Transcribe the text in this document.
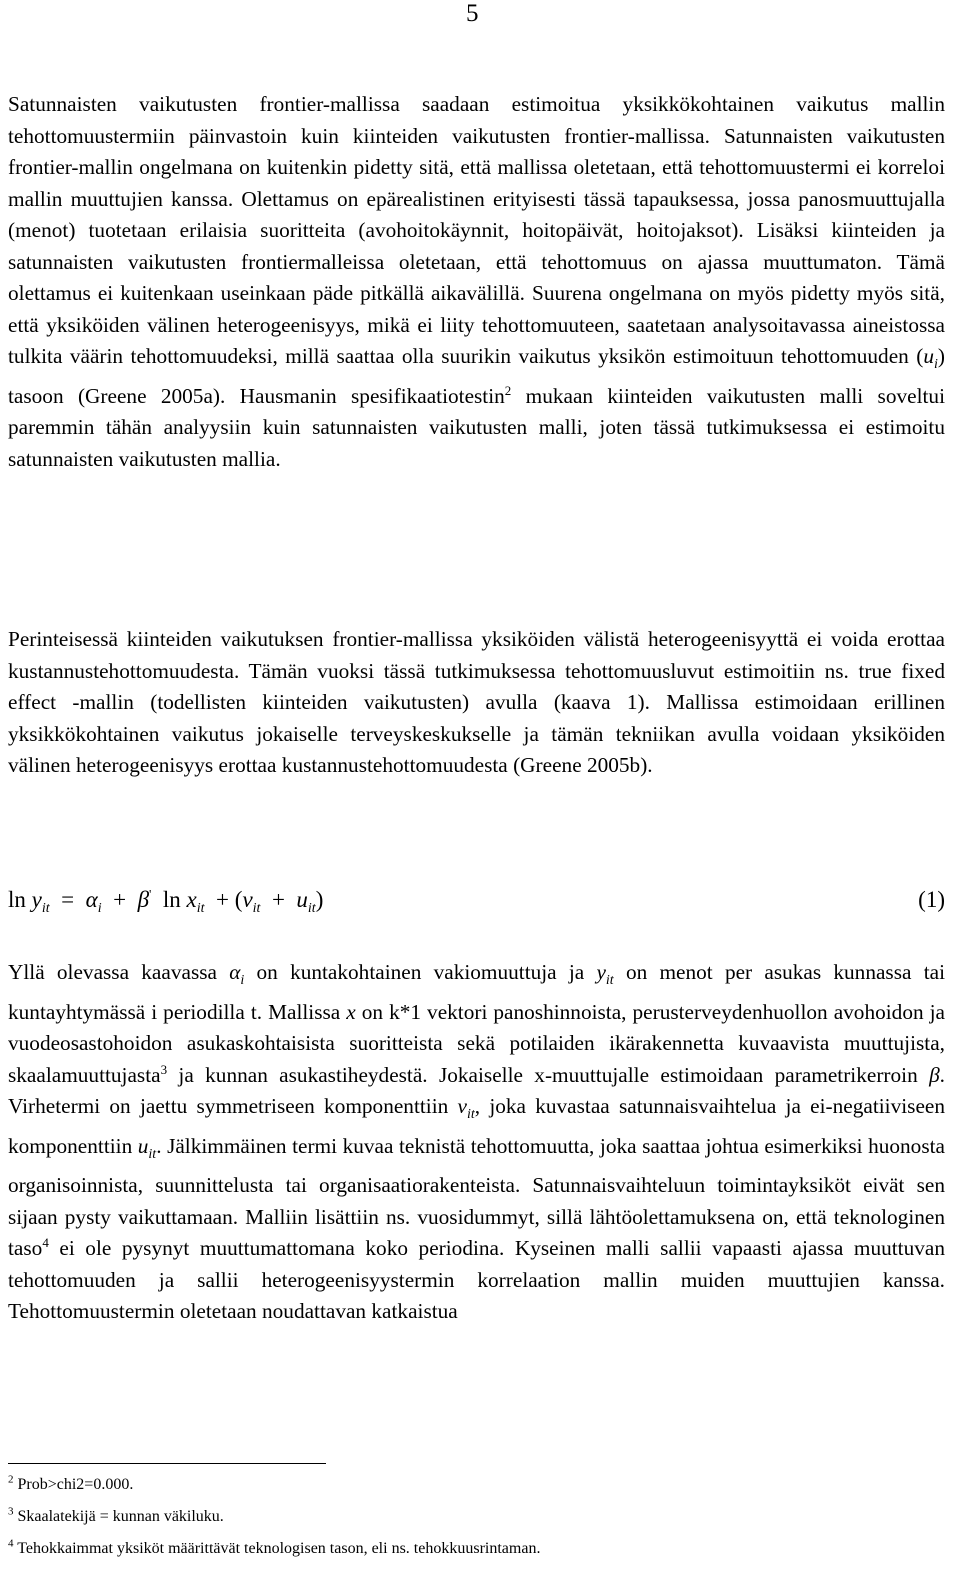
5

Satunnaisten vaikutusten frontier-mallissa saadaan estimoitua yksikkökohtainen vaikutus mallin tehottomuustermiin päinvastoin kuin kiinteiden vaikutusten frontier-mallissa. Satunnaisten vaikutusten frontier-mallin ongelmana on kuitenkin pidetty sitä, että mallissa oletetaan, että tehottomuustermi ei korreloi mallin muuttujien kanssa. Olettamus on epärealistinen erityisesti tässä tapauksessa, jossa panosmuuttujalla (menot) tuotetaan erilaisia suoritteita (avohoitokäynnit, hoitopäivät, hoitojaksot). Lisäksi kiinteiden ja satunnaisten vaikutusten frontiermalleissa oletetaan, että tehottomuus on ajassa muuttumaton. Tämä olettamus ei kuitenkaan useinkaan päde pitkällä aikavälillä. Suurena ongelmana on myös pidetty myös sitä, että yksiköiden välinen heterogeenisyys, mikä ei liity tehottomuuteen, saatetaan analysoitavassa aineistossa tulkita väärin tehottomuudeksi, millä saattaa olla suurikin vaikutus yksikön estimoituun tehottomuuden $(u_i)$ tasoon (Greene 2005a). Hausmanin spesifikaatiotestin$^2$ mukaan kiinteiden vaikutusten malli soveltui paremmin tähän analyysiin kuin satunnaisten vaikutusten malli, joten tässä tutkimuksessa ei estimoitu satunnaisten vaikutusten mallia.

Perinteisessä kiinteiden vaikutuksen frontier-mallissa yksiköiden välistä heterogeenisyyttä ei voida erottaa kustannustehottomuudesta. Tämän vuoksi tässä tutkimuksessa tehottomuusluvut estimoitiin ns. true fixed effect -mallin (todellisten kiinteiden vaikutusten) avulla (kaava 1). Mallissa estimoidaan erillinen yksikkökohtainen vaikutus jokaiselle terveyskeskukselle ja tämän tekniikan avulla voidaan yksiköiden välinen heterogeenisyys erottaa kustannustehottomuudesta (Greene 2005b).

$\ln y_{it} = \alpha_i + \beta'$ $\ln x_{it} + (v_{it} + u_{it})$	(1)

Yllä olevassa kaavassa $\alpha_i$ on kuntakohtainen vakiomuuttuja ja $y_{it}$ on menot per asukas kunnassa tai kuntayhtymässä i periodilla t. Mallissa x on k*1 vektori panoshinnoista, perusterveydenhuollon avohoidon ja vuodeosastohoidon asukaskohtaisista suoritteista sekä potilaiden ikärakennetta kuvaavista muuttujista, skaalamuuttujasta$^3$ ja kunnan asukastiheydestä. Jokaiselle x-muuttujalle estimoidaan parametrikerroin β. Virhetermi on jaettu symmetriseen komponenttiin $v_{it}$, joka kuvastaa satunnaisvaihtelua ja ei-negatiiviseen komponenttiin $u_{it}$. Jälkimmäinen termi kuvaa teknistä tehottomuutta, joka saattaa johtua esimerkiksi huonosta organisoinnista, suunnittelusta tai organisaatiorakenteista. Satunnaisvaihteluun toimintayksiköt eivät sen sijaan pysty vaikuttamaan. Malliin lisättiin ns. vuosidummyt, sillä lähtöolettamuksena on, että teknologinen taso$^4$ ei ole pysynyt muuttumattomana koko periodina. Kyseinen malli sallii vapaasti ajassa muuttuvan tehottomuuden ja sallii heterogeenisyystermin korrelaation mallin muiden muuttujien kanssa. Tehottomuustermin oletetaan noudattavan katkaistua

$^2$ Prob>chi2=0.000.
$^3$ Skaalatekijä = kunnan väkiluku.
$^4$ Tehokkaimmat yksiköt määrittävät teknologisen tason, eli ns. tehokkuusrintaman.
